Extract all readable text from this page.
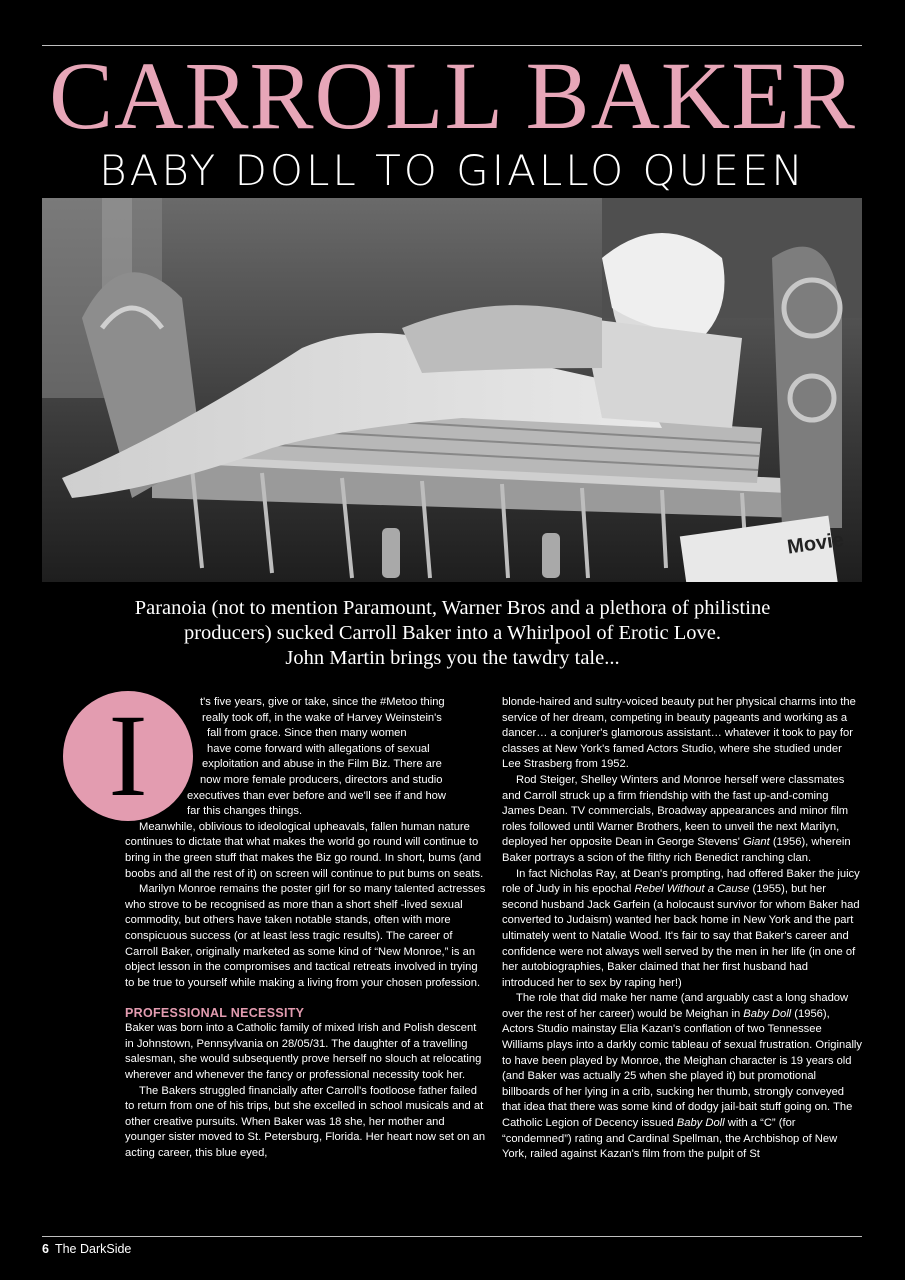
CARROLL BAKER
BABY DOLL TO GIALLO QUEEN
Movie
Paranoia (not to mention Paramount, Warner Bros and a plethora of philistine
producers) sucked Carroll Baker into a Whirlpool of Erotic Love.
John Martin brings you the tawdry tale...
I	t's five years, give or take, since the #Metoo thing

really took off, in the wake of Harvey Weinstein's

fall from grace. Since then many women

have come forward with allegations of sexual

exploitation and abuse in the Film Biz. There are

now more female producers, directors and studio

executives than ever before and we'll see if and how

far this changes things.

Meanwhile, oblivious to ideological upheavals, fallen human nature continues to dictate that what makes the world go round will continue to bring in the green stuff that makes the Biz go round. In short, bums (and boobs and all the rest of it) on screen will continue to put bums on seats.

Marilyn Monroe remains the poster girl for so many talented actresses who strove to be recognised as more than a short shelf -lived sexual commodity, but others have taken notable stands, often with more conspicuous success (or at least less tragic results). The career of Carroll Baker, originally marketed as some kind of “New Monroe,” is an object lesson in the compromises and tactical retreats involved in trying to be true to yourself while making a living from your chosen profession.

PROFESSIONAL NECESSITY

Baker was born into a Catholic family of mixed Irish and Polish descent in Johnstown, Pennsylvania on 28/05/31. The daughter of a travelling salesman, she would subsequently prove herself no slouch at relocating wherever and whenever the fancy or professional necessity took her.

The Bakers struggled financially after Carroll's footloose father failed to return from one of his trips, but she excelled in school musicals and at other creative pursuits. When Baker was 18 she, her mother and younger sister moved to St. Petersburg, Florida. Her heart now set on an acting career, this blue eyed,

blonde-haired and sultry-voiced beauty put her physical charms into the service of her dream, competing in beauty pageants and working as a dancer… a conjurer's glamorous assistant… whatever it took to pay for classes at New York's famed Actors Studio, where she studied under Lee Strasberg from 1952.

Rod Steiger, Shelley Winters and Monroe herself were classmates and Carroll struck up a firm friendship with the fast up-and-coming James Dean. TV commercials, Broadway appearances and minor film roles followed until Warner Brothers, keen to unveil the next Marilyn, deployed her opposite Dean in George Stevens' Giant (1956), wherein Baker portrays a scion of the filthy rich Benedict ranching clan.

In fact Nicholas Ray, at Dean's prompting, had offered Baker the juicy role of Judy in his epochal Rebel Without a Cause (1955), but her second husband Jack Garfein (a holocaust survivor for whom Baker had converted to Judaism) wanted her back home in New York and the part ultimately went to Natalie Wood. It's fair to say that Baker's career and confidence were not always well served by the men in her life (in one of her autobiographies, Baker claimed that her first husband had introduced her to sex by raping her!)

The role that did make her name (and arguably cast a long shadow over the rest of her career) would be Meighan in Baby Doll (1956), Actors Studio mainstay Elia Kazan's conflation of two Tennessee Williams plays into a darkly comic tableau of sexual frustration. Originally to have been played by Monroe, the Meighan character is 19 years old (and Baker was actually 25 when she played it) but promotional billboards of her lying in a crib, sucking her thumb, strongly conveyed that idea that there was some kind of dodgy jail-bait stuff going on. The Catholic Legion of Decency issued Baby Doll with a “C” (for “condemned”) rating and Cardinal Spellman, the Archbishop of New York, railed against Kazan's film from the pulpit of St

6 The DarkSide
